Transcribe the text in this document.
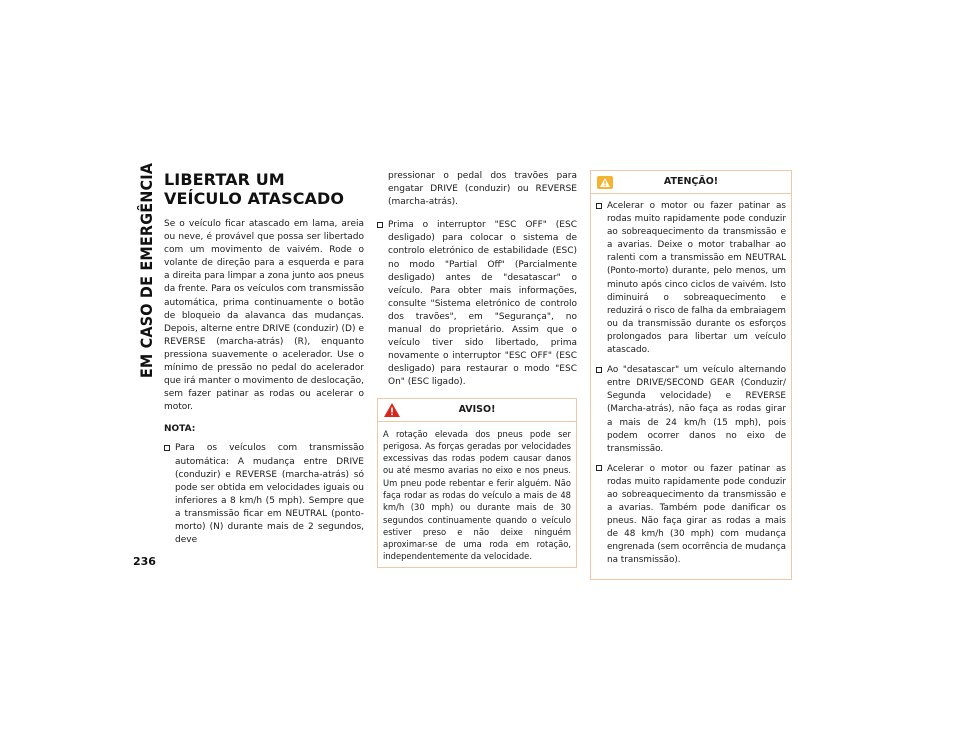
EM CASO DE EMERGÊNCIA
236
LIBERTAR UM VEÍCULO ATASCADO

Se o veículo ficar atascado em lama, areia ou neve, é provável que possa ser libertado com um movimento de vaivém. Rode o volante de direção para a esquerda e para a direita para limpar a zona junto aos pneus da frente. Para os veículos com transmissão automática, prima continuamente o botão de bloqueio da alavanca das mudanças. Depois, alterne entre DRIVE (conduzir) (D) e REVERSE (marcha-atrás) (R), enquanto pressiona suavemente o acelerador. Use o mínimo de pressão no pedal do acelerador que irá manter o movimento de deslocação, sem fazer patinar as rodas ou acelerar o motor.

NOTA:
Para os veículos com transmissão automática: A mudança entre DRIVE (conduzir) e REVERSE (marcha-atrás) só pode ser obtida em velocidades iguais ou inferiores a 8 km/h (5 mph). Sempre que a transmissão ficar em NEUTRAL (ponto-morto) (N) durante mais de 2 segundos, deve

pressionar o pedal dos travões para engatar DRIVE (conduzir) ou REVERSE (marcha-atrás).

Prima o interruptor "ESC OFF" (ESC desligado) para colocar o sistema de controlo eletrónico de estabilidade (ESC) no modo "Partial Off" (Parcialmente desligado) antes de "desatascar" o veículo. Para obter mais informações, consulte "Sistema eletrónico de controlo dos travões", em "Segurança", no manual do proprietário. Assim que o veículo tiver sido libertado, prima novamente o interruptor "ESC OFF" (ESC desligado) para restaurar o modo "ESC On" (ESC ligado).
AVISO!

A rotação elevada dos pneus pode ser perigosa. As forças geradas por velocidades excessivas das rodas podem causar danos ou até mesmo avarias no eixo e nos pneus. Um pneu pode rebentar e ferir alguém. Não faça rodar as rodas do veículo a mais de 48 km/h (30 mph) ou durante mais de 30 segundos continuamente quando o veículo estiver preso e não deixe ninguém aproximar-se de uma roda em rotação, independentemente da velocidade.

ATENÇÃO!
Acelerar o motor ou fazer patinar as rodas muito rapidamente pode conduzir ao sobreaquecimento da transmissão e a avarias. Deixe o motor trabalhar ao ralenti com a transmissão em NEUTRAL (Ponto-morto) durante, pelo menos, um minuto após cinco ciclos de vaivém. Isto diminuirá o sobreaquecimento e reduzirá o risco de falha da embraiagem ou da transmissão durante os esforços prolongados para libertar um veículo atascado.
Ao "desatascar" um veículo alternando entre DRIVE/SECOND GEAR (Conduzir/ Segunda velocidade) e REVERSE (Marcha-atrás), não faça as rodas girar a mais de 24 km/h (15 mph), pois podem ocorrer danos no eixo de transmissão.
Acelerar o motor ou fazer patinar as rodas muito rapidamente pode conduzir ao sobreaquecimento da transmissão e a avarias. Também pode danificar os pneus. Não faça girar as rodas a mais de 48 km/h (30 mph) com mudança engrenada (sem ocorrência de mudança na transmissão).
